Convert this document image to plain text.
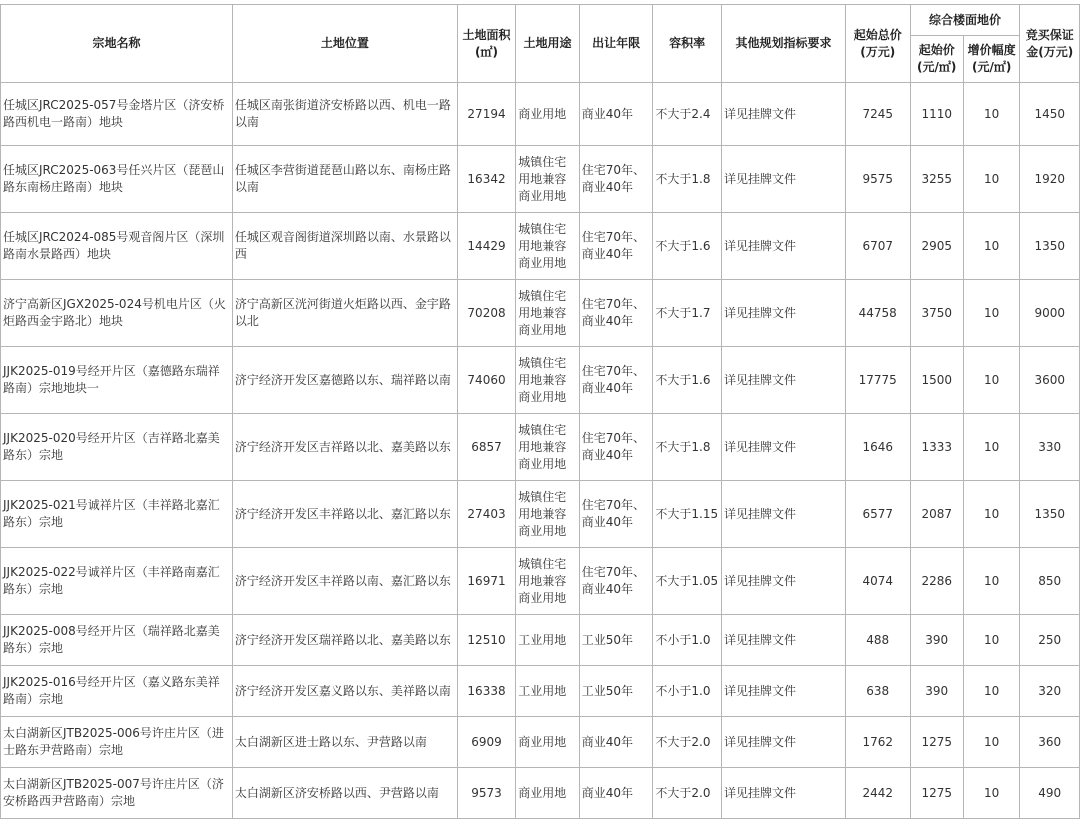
宗地名称	土地位置	土地面积(㎡)	土地用途	出让年限	容积率	其他规划指标要求	起始总价(万元)	综合楼面地价		竞买保证金(万元)
								起始价(元/㎡)	增价幅度(元/㎡)	
任城区JRC2025-057号金塔片区（济安桥路西机电一路南）地块	任城区南张街道济安桥路以西、机电一路以南	27194	商业用地	商业40年	不大于2.4	详见挂牌文件	7245	1110	10	1450
任城区JRC2025-063号任兴片区（琵琶山路东南杨庄路南）地块	任城区李营街道琵琶山路以东、南杨庄路以南	16342	城镇住宅用地兼容商业用地	住宅70年、商业40年	不大于1.8	详见挂牌文件	9575	3255	10	1920
任城区JRC2024-085号观音阁片区（深圳路南水景路西）地块	任城区观音阁街道深圳路以南、水景路以西	14429	城镇住宅用地兼容商业用地	住宅70年、商业40年	不大于1.6	详见挂牌文件	6707	2905	10	1350
济宁高新区JGX2025-024号机电片区（火炬路西金宇路北）地块	济宁高新区洸河街道火炬路以西、金宇路以北	70208	城镇住宅用地兼容商业用地	住宅70年、商业40年	不大于1.7	详见挂牌文件	44758	3750	10	9000
JJK2025-019号经开片区（嘉德路东瑞祥路南）宗地地块一	济宁经济开发区嘉德路以东、瑞祥路以南	74060	城镇住宅用地兼容商业用地	住宅70年、商业40年	不大于1.6	详见挂牌文件	17775	1500	10	3600
JJK2025-020号经开片区（吉祥路北嘉美路东）宗地	济宁经济开发区吉祥路以北、嘉美路以东	6857	城镇住宅用地兼容商业用地	住宅70年、商业40年	不大于1.8	详见挂牌文件	1646	1333	10	330
JJK2025-021号诚祥片区（丰祥路北嘉汇路东）宗地	济宁经济开发区丰祥路以北、嘉汇路以东	27403	城镇住宅用地兼容商业用地	住宅70年、商业40年	不大于1.15	详见挂牌文件	6577	2087	10	1350
JJK2025-022号诚祥片区（丰祥路南嘉汇路东）宗地	济宁经济开发区丰祥路以南、嘉汇路以东	16971	城镇住宅用地兼容商业用地	住宅70年、商业40年	不大于1.05	详见挂牌文件	4074	2286	10	850
JJK2025-008号经开片区（瑞祥路北嘉美路东）宗地	济宁经济开发区瑞祥路以北、嘉美路以东	12510	工业用地	工业50年	不小于1.0	详见挂牌文件	488	390	10	250
JJK2025-016号经开片区（嘉义路东美祥路南）宗地	济宁经济开发区嘉义路以东、美祥路以南	16338	工业用地	工业50年	不小于1.0	详见挂牌文件	638	390	10	320
太白湖新区JTB2025-006号许庄片区（进士路东尹营路南）宗地	太白湖新区进士路以东、尹营路以南	6909	商业用地	商业40年	不大于2.0	详见挂牌文件	1762	1275	10	360
太白湖新区JTB2025-007号许庄片区（济安桥路西尹营路南）宗地	太白湖新区济安桥路以西、尹营路以南	9573	商业用地	商业40年	不大于2.0	详见挂牌文件	2442	1275	10	490
